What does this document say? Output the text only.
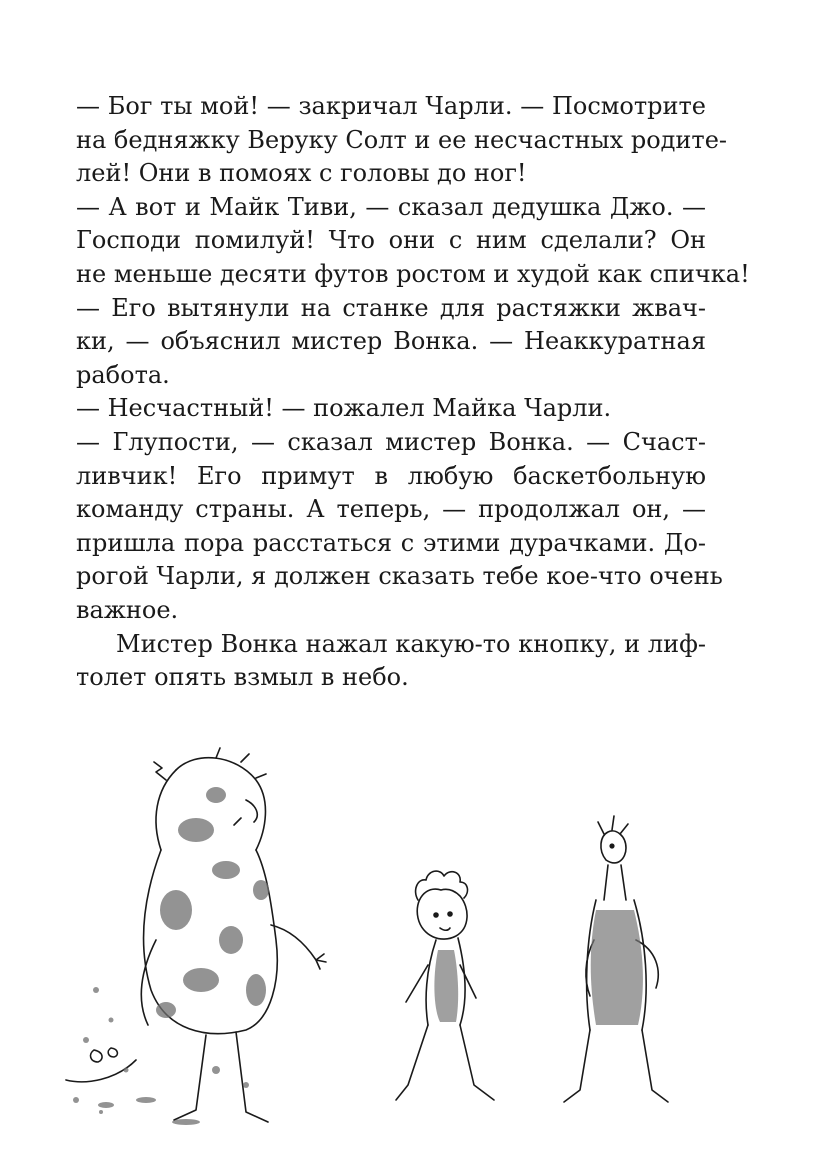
— Бог ты мой! — закричал Чарли. — Посмотрите
на бедняжку Веруку Солт и ее несчастных родите-
лей! Они в помоях с головы до ног!
— А вот и Майк Тиви, — сказал дедушка Джо. —
Господи помилуй! Что они с ним сделали? Он
не меньше десяти футов ростом и худой как спичка!
— Его вытянули на станке для растяжки жвач-
ки, — объяснил мистер Вонка. — Неаккуратная
работа.
— Несчастный! — пожалел Майка Чарли.
— Глупости, — сказал мистер Вонка. — Счаст-
ливчик! Его примут в любую баскетбольную
команду страны. А теперь, — продолжал он, —
пришла пора расстаться с этими дурачками. До-
рогой Чарли, я должен сказать тебе кое-что очень
важное.
Мистер Вонка нажал какую-то кнопку, и лиф-
толет опять взмыл в небо.
